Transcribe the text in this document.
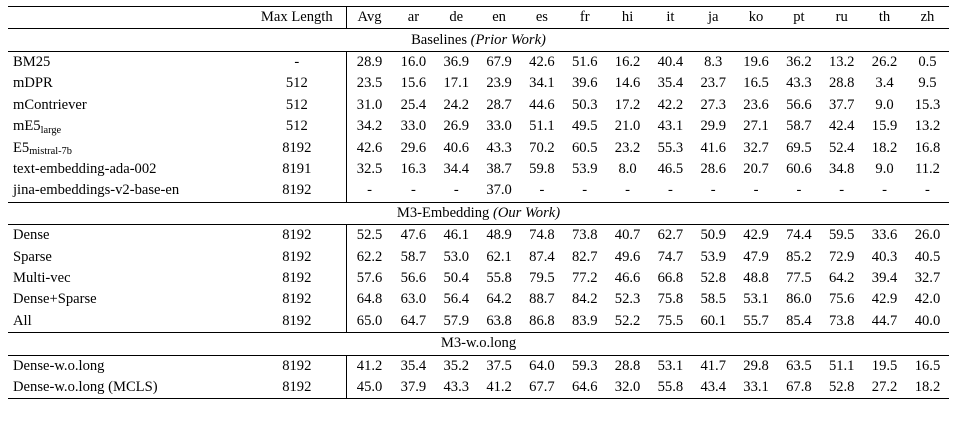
	Max Length	Avg	ar	de	en	es	fr	hi	it	ja	ko	pt	ru	th	zh
Baselines (Prior Work)															
BM25	-	28.9	16.0	36.9	67.9	42.6	51.6	16.2	40.4	8.3	19.6	36.2	13.2	26.2	0.5
mDPR	512	23.5	15.6	17.1	23.9	34.1	39.6	14.6	35.4	23.7	16.5	43.3	28.8	3.4	9.5
mContriever	512	31.0	25.4	24.2	28.7	44.6	50.3	17.2	42.2	27.3	23.6	56.6	37.7	9.0	15.3
mE5large	512	34.2	33.0	26.9	33.0	51.1	49.5	21.0	43.1	29.9	27.1	58.7	42.4	15.9	13.2
E5mistral-7b	8192	42.6	29.6	40.6	43.3	70.2	60.5	23.2	55.3	41.6	32.7	69.5	52.4	18.2	16.8
text-embedding-ada-002	8191	32.5	16.3	34.4	38.7	59.8	53.9	8.0	46.5	28.6	20.7	60.6	34.8	9.0	11.2
jina-embeddings-v2-base-en	8192	-	-	-	37.0	-	-	-	-	-	-	-	-	-	-
M3-Embedding (Our Work)															
Dense	8192	52.5	47.6	46.1	48.9	74.8	73.8	40.7	62.7	50.9	42.9	74.4	59.5	33.6	26.0
Sparse	8192	62.2	58.7	53.0	62.1	87.4	82.7	49.6	74.7	53.9	47.9	85.2	72.9	40.3	40.5
Multi-vec	8192	57.6	56.6	50.4	55.8	79.5	77.2	46.6	66.8	52.8	48.8	77.5	64.2	39.4	32.7
Dense+Sparse	8192	64.8	63.0	56.4	64.2	88.7	84.2	52.3	75.8	58.5	53.1	86.0	75.6	42.9	42.0
All	8192	65.0	64.7	57.9	63.8	86.8	83.9	52.2	75.5	60.1	55.7	85.4	73.8	44.7	40.0
M3-w.o.long															
Dense-w.o.long	8192	41.2	35.4	35.2	37.5	64.0	59.3	28.8	53.1	41.7	29.8	63.5	51.1	19.5	16.5
Dense-w.o.long (MCLS)	8192	45.0	37.9	43.3	41.2	67.7	64.6	32.0	55.8	43.4	33.1	67.8	52.8	27.2	18.2
